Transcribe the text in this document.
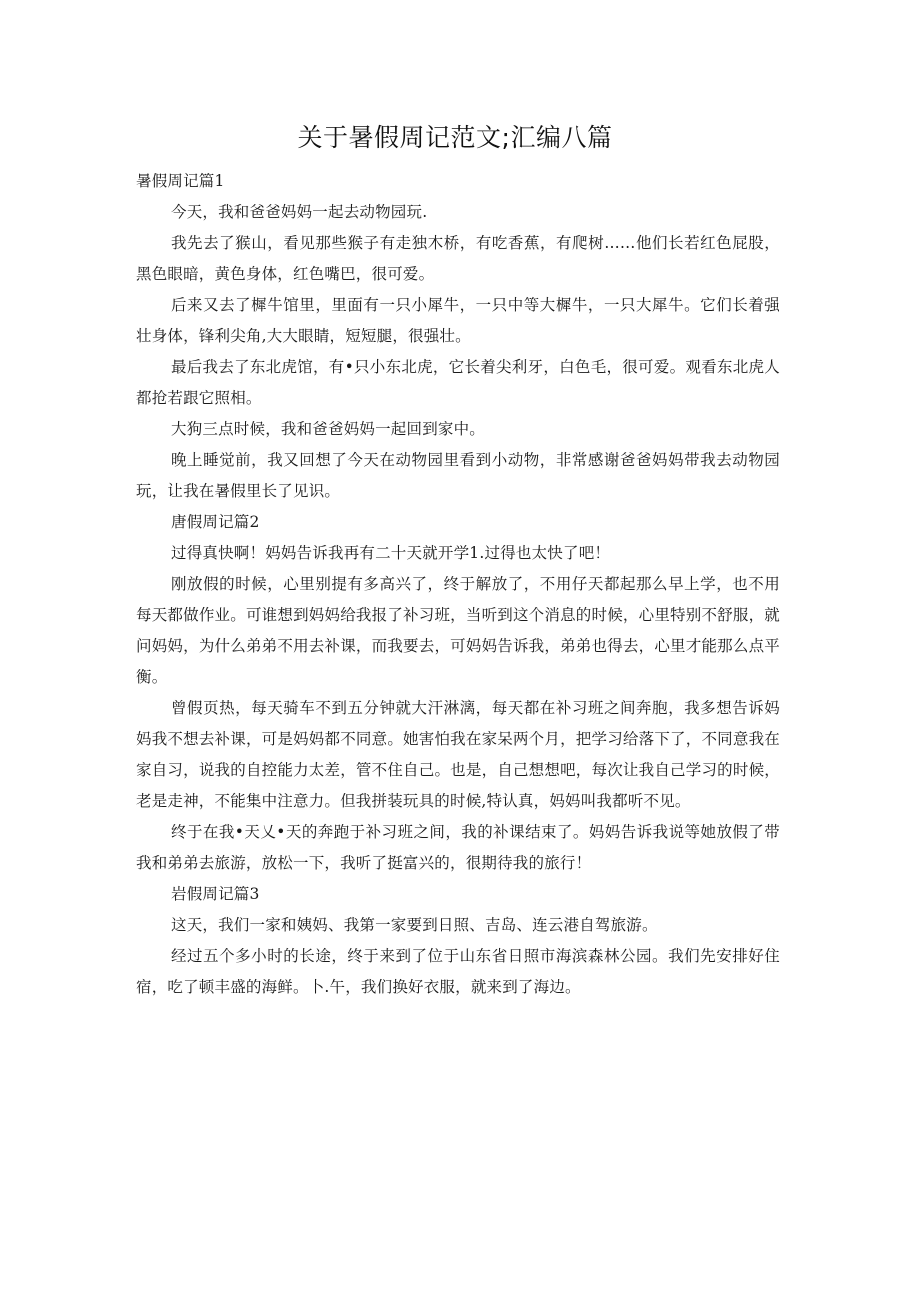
关于暑假周记范文;汇编八篇

暑假周记篇1

今天，我和爸爸妈妈一起去动物园玩.

我先去了猴山，看见那些猴子有走独木桥，有吃香蕉，有爬树……他们长若红色屁股，黑色眼暗，黄色身体，红色嘴巴，很可爱。

后来又去了樨牛馆里，里面有一只小犀牛，一只中等大樨牛，一只大犀牛。它们长着强壮身体，锋利尖角,大大眼睛，短短腿，很强壮。

最后我去了东北虎馆，有•只小东北虎，它长着尖利牙，白色毛，很可爱。观看东北虎人都抢若跟它照相。

大狗三点时候，我和爸爸妈妈一起回到家中。

晚上睡觉前，我又回想了今天在动物园里看到小动物，非常感谢爸爸妈妈带我去动物园玩，让我在暑假里长了见识。

唐假周记篇2

过得真快啊！妈妈告诉我再有二十天就开学1.过得也太快了吧！

刚放假的时候，心里别提有多高兴了，终于解放了，不用仔天都起那么早上学，也不用每天都做作业。可谁想到妈妈给我报了补习班，当听到这个消息的时候，心里特别不舒服，就问妈妈，为什么弟弟不用去补课，而我要去，可妈妈告诉我，弟弟也得去，心里才能那么点平衡。

曾假页热，每天骑车不到五分钟就大汗淋漓，每天都在补习班之间奔胞，我多想告诉妈妈我不想去补课，可是妈妈都不同意。她害怕我在家呆两个月，把学习给落下了，不同意我在家自习，说我的自控能力太差，管不住自己。也是，自己想想吧，每次让我自己学习的时候，老是走神，不能集中注意力。但我拼装玩具的时候,特认真，妈妈叫我都听不见。

终于在我•天乂•天的奔跑于补习班之间，我的补课结束了。妈妈告诉我说等她放假了带我和弟弟去旅游，放松一下，我听了挺富兴的，很期待我的旅行！

岩假周记篇3

这天，我们一家和姨妈、我第一家要到日照、吉岛、连云港自驾旅游。

经过五个多小时的长途，终于来到了位于山东省日照市海滨森林公园。我们先安排好住宿，吃了顿丰盛的海鲜。卜.午，我们换好衣服，就来到了海边。
